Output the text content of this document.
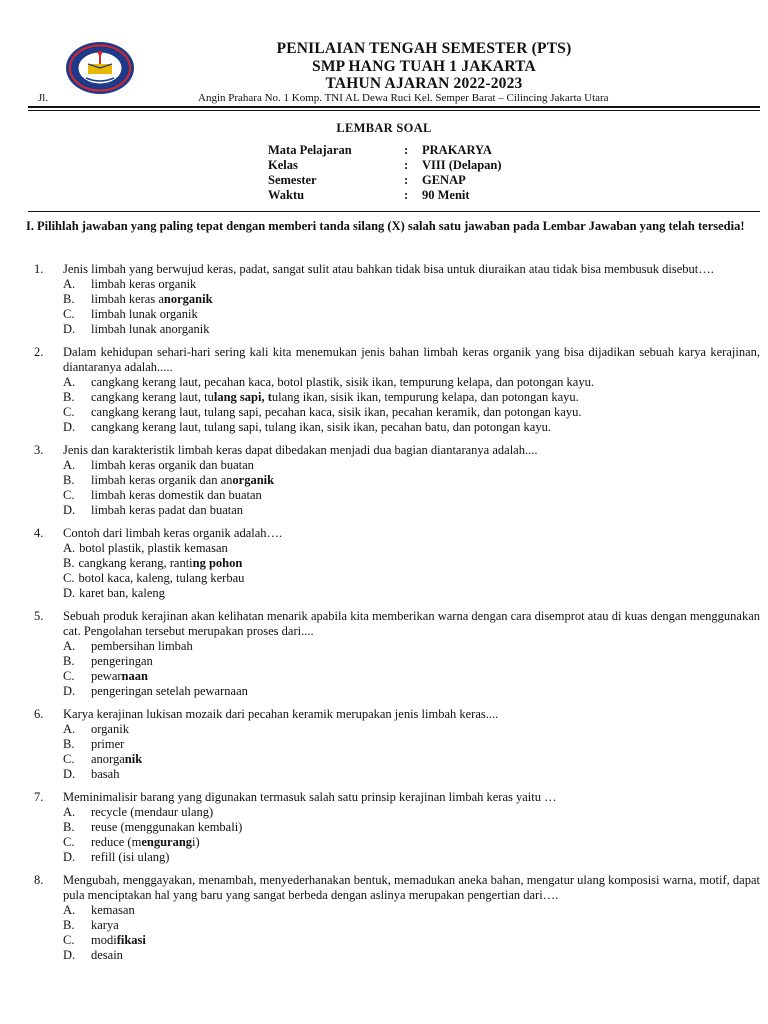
PENILAIAN TENGAH SEMESTER (PTS)
SMP HANG TUAH 1 JAKARTA
TAHUN AJARAN 2022-2023
Jl.	Angin Prahara No. 1 Komp. TNI AL Dewa Ruci Kel. Semper Barat – Cilincing Jakarta Utara
LEMBAR SOAL
Mata Pelajaran	:	PRAKARYA
Kelas	:	VIII (Delapan)
Semester	:	GENAP
Waktu	:	90 Menit
I. Pilihlah jawaban yang paling tepat dengan memberi tanda silang (X) salah satu jawaban pada Lembar Jawaban yang telah tersedia!
1. Jenis limbah yang berwujud keras, padat, sangat sulit atau bahkan tidak bisa untuk diuraikan atau tidak bisa membusuk disebut….
A.	limbah keras organik
B.	limbah keras anorganik
C.	limbah lunak organik
D.	limbah lunak anorganik
2. Dalam kehidupan sehari-hari sering kali kita menemukan jenis bahan limbah keras organik yang bisa dijadikan sebuah karya kerajinan, diantaranya adalah.....
A.	cangkang kerang laut, pecahan kaca, botol plastik, sisik ikan, tempurung kelapa, dan potongan kayu.
B.	cangkang kerang laut, tulang sapi, tulang ikan, sisik ikan, tempurung kelapa, dan potongan kayu.
C.	cangkang kerang laut, tulang sapi, pecahan kaca, sisik ikan, pecahan keramik, dan potongan kayu.
D.	cangkang kerang laut, tulang sapi, tulang ikan, sisik ikan, pecahan batu, dan potongan kayu.
3. Jenis dan karakteristik limbah keras dapat dibedakan menjadi dua bagian diantaranya adalah....
A.	limbah keras organik dan buatan
B.	limbah keras organik dan anorganik
C.	limbah keras domestik dan buatan
D.	limbah keras padat dan buatan
4. Contoh dari limbah keras organik adalah….
A. botol plastik, plastik kemasan
B. cangkang kerang, ranting pohon
C. botol kaca, kaleng, tulang kerbau
D. karet ban, kaleng
5. Sebuah produk kerajinan akan kelihatan menarik apabila kita memberikan warna dengan cara disemprot atau di kuas dengan menggunakan cat. Pengolahan tersebut merupakan proses dari....
A.	pembersihan limbah
B.	pengeringan
C.	pewarnaan
D.	pengeringan setelah pewarnaan
6. Karya kerajinan lukisan mozaik dari pecahan keramik merupakan jenis limbah keras....
A.	organik
B.	primer
C.	anorganik
D.	basah
7. Meminimalisir barang yang digunakan termasuk salah satu prinsip kerajinan limbah keras yaitu …
A.	recycle (mendaur ulang)
B.	reuse (menggunakan kembali)
C.	reduce (mengurangi)
D.	refill (isi ulang)
8. Mengubah, menggayakan, menambah, menyederhanakan bentuk, memadukan aneka bahan, mengatur ulang komposisi warna, motif, dapat pula menciptakan hal yang baru yang sangat berbeda dengan aslinya merupakan pengertian dari….
A.	kemasan
B.	karya
C.	modifikasi
D.	desain
